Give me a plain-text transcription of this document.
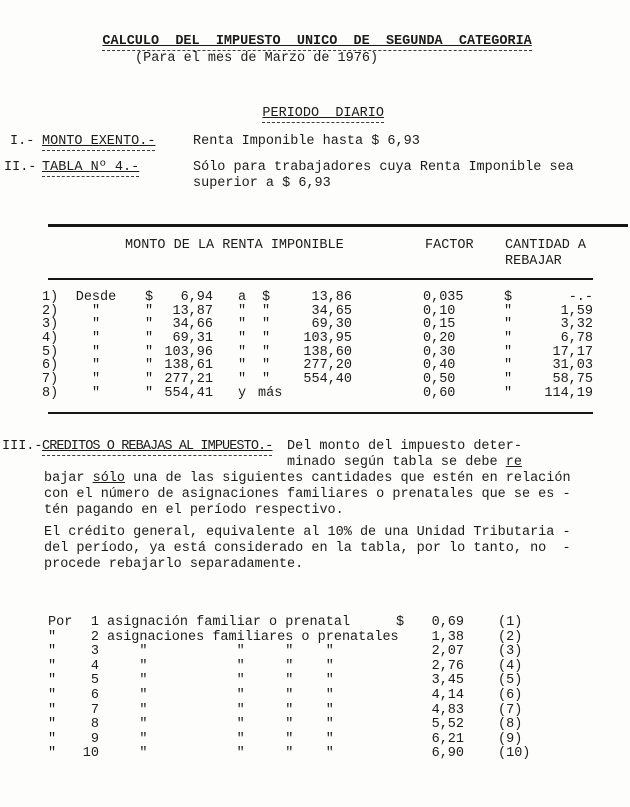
CALCULO  DEL  IMPUESTO  UNICO  DE  SEGUNDA  CATEGORIA

(Para el mes de Marzo de 1976)

PERIODO  DIARIO

I.- MONTO EXENTO.-	Renta Imponible hasta $ 6,93
II.- TABLA Nº 4.-	Sólo para trabajadores cuya Renta Imponible sea
superior a $ 6,93
MONTO DE LA RENTA IMPONIBLE	FACTOR CANTIDAD A
REBAJAR
1)	Desde	$	6,94 a $	13,86	0,035	$	-.-
2)	"	"	13,87 " "	34,65	0,10	"	1,59
3)	"	"	34,66 " "	69,30	0,15	"	3,32
4)	"	"	69,31 " "	103,95	0,20	"	6,78
5)	"	" 103,96 " "	138,60	0,30	"	17,17
6)	"	" 138,61 " "	277,20	0,40	"	31,03
7)	"	" 277,21 " "	554,40	0,50	"	58,75
8)	"	" 554,41 y más	0,60	"	114,19
III.- CREDITOS O REBAJAS AL IMPUESTO.- Del monto del impuesto deter-
minado según tabla se debe re
bajar sólo una de las siguientes cantidades que estén en relación
con el número de asignaciones familiares o prenatales que se es -
tén pagando en el período respectivo.
El crédito general, equivalente al 10% de una Unidad Tributaria -
del período, ya está considerado en la tabla, por lo tanto, no  -
procede rebajarlo separadamente.
Por	1 asignación familiar o prenatal	$	0,69	(1)
"	2 asignaciones familiares o prenatales	1,38	(2)
"	3 "           "     "    "	2,07	(3)
"	4 "           "     "    "	2,76	(4)
"	5 "           "     "    "	3,45	(5)
"	6 "           "     "    "	4,14	(6)
"	7 "           "     "    "	4,83	(7)
"	8 "           "     "    "	5,52	(8)
"	9 "           "     "    "	6,21	(9)
"	10 "           "     "    "	6,90	(10)
